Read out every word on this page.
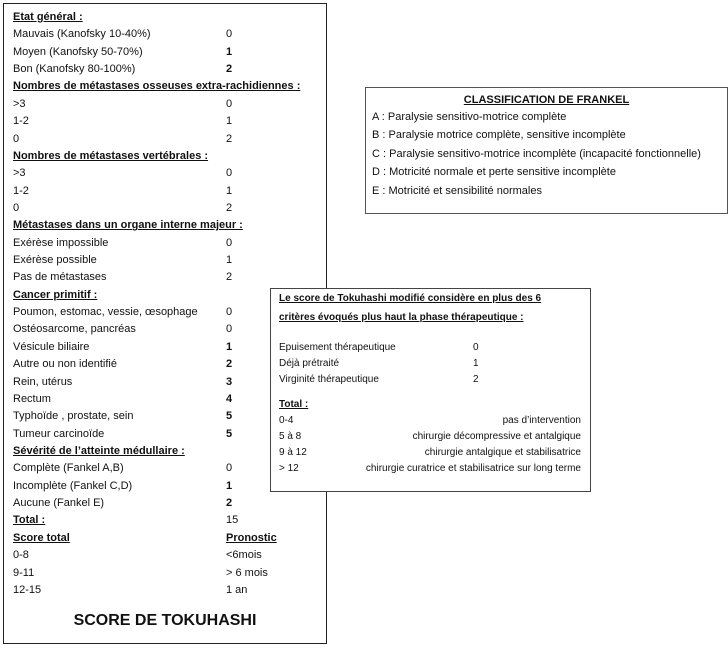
Etat général :
Mauvais (Kanofsky 10-40%)	0
Moyen (Kanofsky 50-70%)	1
Bon (Kanofsky 80-100%)	2
Nombres de métastases osseuses extra-rachidiennes :
>3	0
1-2	1
0	2
Nombres de métastases vertébrales :
>3	0
1-2	1
0	2
Métastases dans un organe interne majeur :
Exérèse impossible	0
Exérèse possible	1
Pas de métastases	2
Cancer primitif :
Poumon, estomac, vessie, œsophage	0
Ostéosarcome, pancréas	0
Vésicule biliaire	1
Autre ou non identifié	2
Rein, utérus	3
Rectum	4
Typhoïde , prostate, sein	5
Tumeur carcinoïde	5
Sévérité de l’atteinte médullaire :
Complète (Fankel A,B)	0
Incomplète (Fankel C,D)	1
Aucune (Fankel E)	2
Total :	15
Score total	Pronostic
0-8	<6mois
9-11	> 6 mois
12-15	1 an
SCORE DE TOKUHASHI
CLASSIFICATION DE FRANKEL
A : Paralysie sensitivo-motrice complète
B : Paralysie motrice complète, sensitive incomplète
C : Paralysie sensitivo-motrice incomplète (incapacité fonctionnelle)
D : Motricité normale et perte sensitive incomplète
E : Motricité et sensibilité normales
Le score de Tokuhashi modifié considère en plus des 6
critères évoqués plus haut la phase thérapeutique :
Epuisement thérapeutique	0
Déjà prétraité	1
Virginité thérapeutique	2
Total :
0-4	pas d’intervention
5 à 8	chirurgie décompressive et antalgique
9 à 12	chirurgie antalgique et stabilisatrice
> 12	chirurgie curatrice et stabilisatrice sur long terme
